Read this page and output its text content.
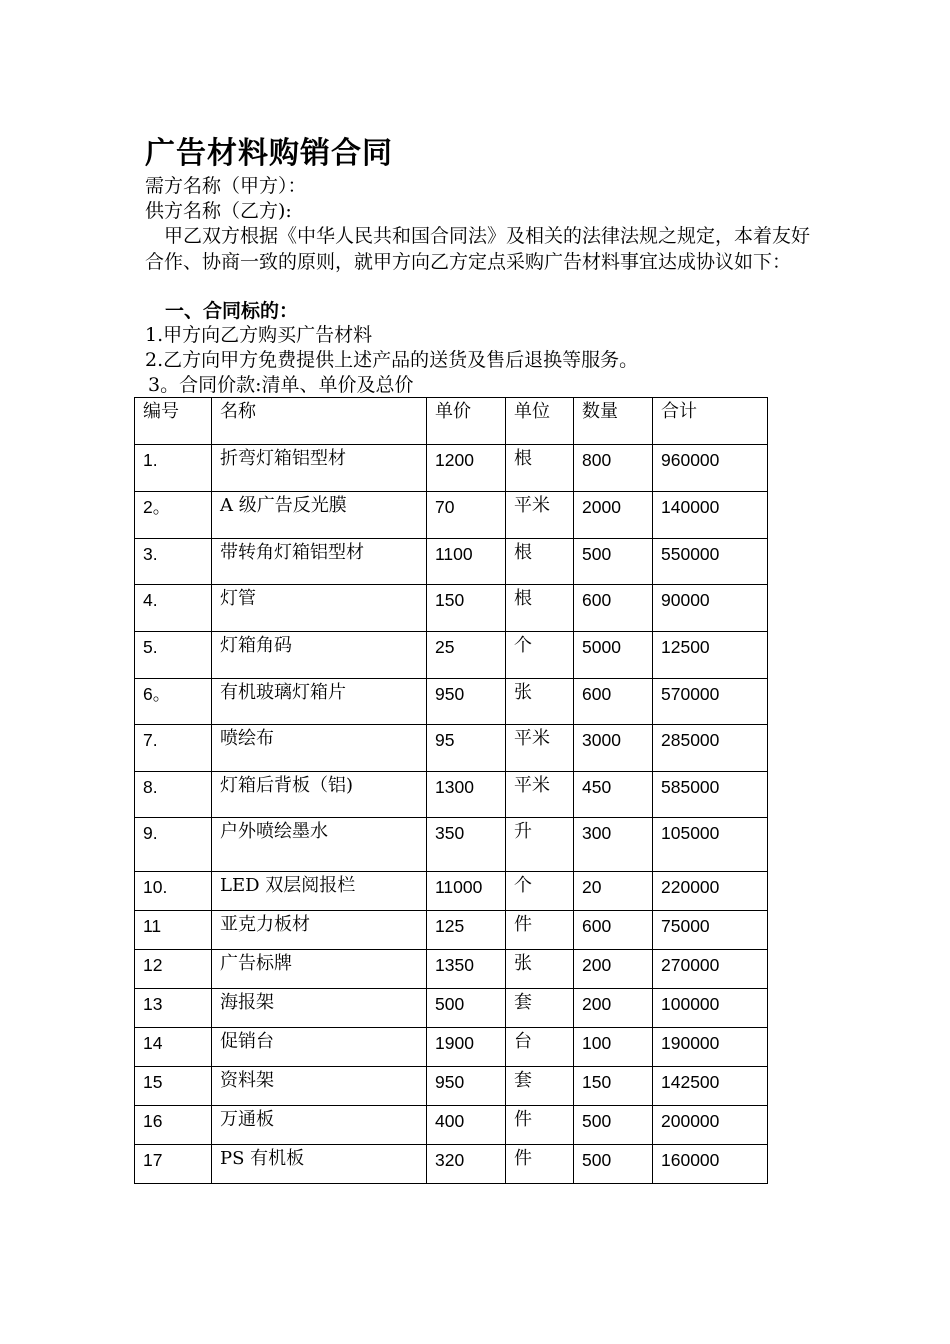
广告材料购销合同
需方名称（甲方）：
供方名称（乙方):
甲乙双方根据《中华人民共和国合同法》及相关的法律法规之规定，本着友好合作、协商一致的原则，就甲方向乙方定点采购广告材料事宜达成协议如下：
一、合同标的：
1.甲方向乙方购买广告材料
2.乙方向甲方免费提供上述产品的送货及售后退换等服务。
3。合同价款:清单、单价及总价
编号	名称	单价	单位	数量	合计
1.	折弯灯箱铝型材	1200	根	800	960000
2。	A 级广告反光膜	70	平米	2000	140000
3.	带转角灯箱铝型材	1100	根	500	550000
4.	灯管	150	根	600	90000
5.	灯箱角码	25	个	5000	12500
6。	有机玻璃灯箱片	950	张	600	570000
7.	喷绘布	95	平米	3000	285000
8.	灯箱后背板（铝)	1300	平米	450	585000
9.	户外喷绘墨水	350	升	300	105000
10.	LED 双层阅报栏	11000	个	20	220000
11	亚克力板材	125	件	600	75000
12	广告标牌	1350	张	200	270000
13	海报架	500	套	200	100000
14	促销台	1900	台	100	190000
15	资料架	950	套	150	142500
16	万通板	400	件	500	200000
17	PS 有机板	320	件	500	160000
